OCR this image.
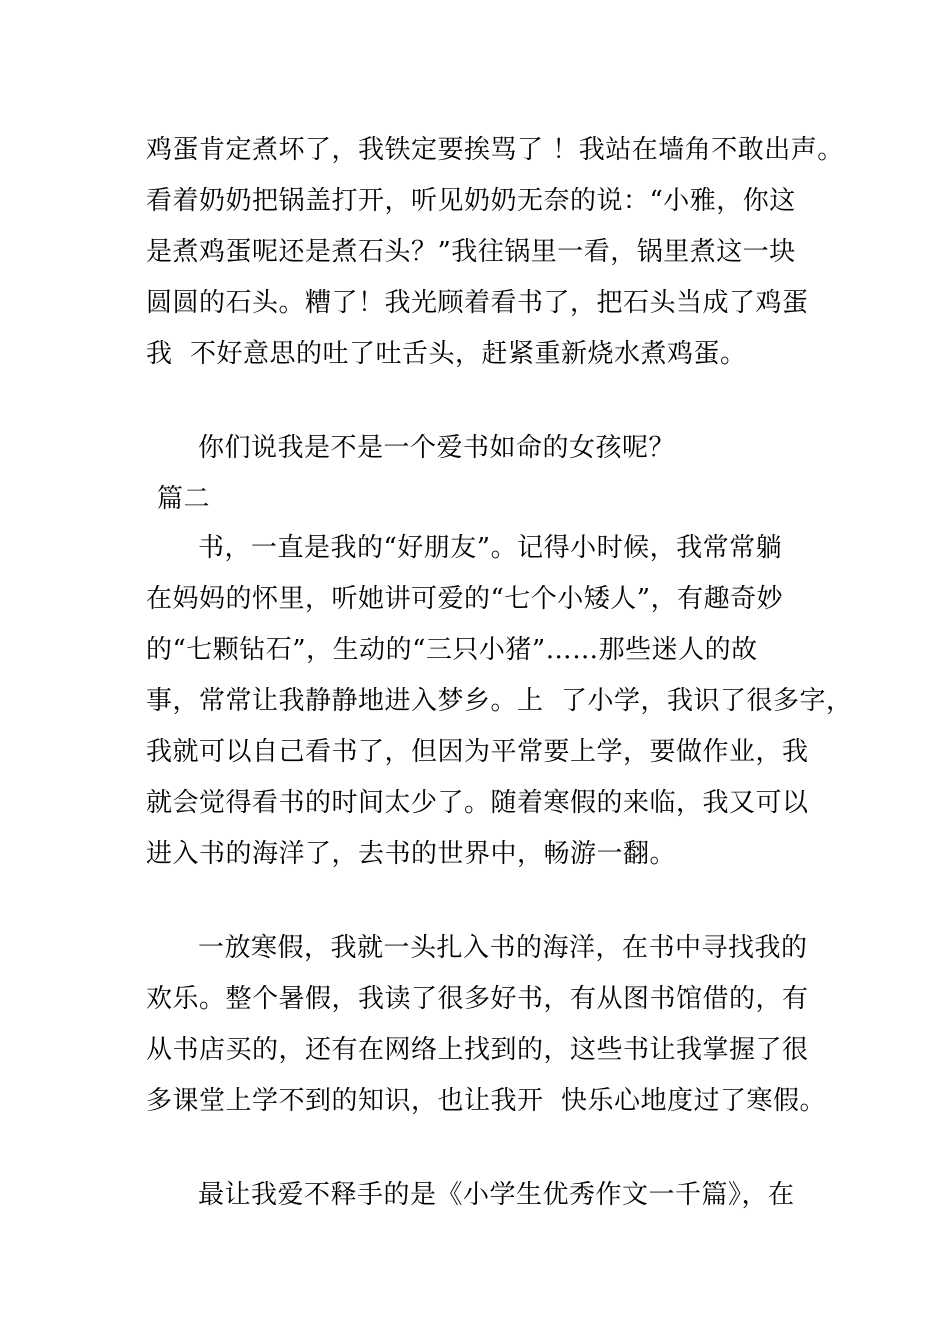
鸡蛋肯定煮坏了，我铁定要挨骂了 ！我站在墙角不敢出声。
看着奶奶把锅盖打开，听见奶奶无奈的说：“小雅，你这
是煮鸡蛋呢还是煮石头？”我往锅里一看，锅里煮这一块
圆圆的石头。糟了！我光顾着看书了，把石头当成了鸡蛋
我  不好意思的吐了吐舌头，赶紧重新烧水煮鸡蛋。
你们说我是不是一个爱书如命的女孩呢？
篇二
书，一直是我的“好朋友”。记得小时候，我常常躺
在妈妈的怀里，听她讲可爱的“七个小矮人”，有趣奇妙
的“七颗钻石”，生动的“三只小猪”……那些迷人的故
事，常常让我静静地进入梦乡。上  了小学，我识了很多字，
我就可以自己看书了，但因为平常要上学，要做作业，我
就会觉得看书的时间太少了。随着寒假的来临，我又可以
进入书的海洋了，去书的世界中，畅游一翻。
一放寒假，我就一头扎入书的海洋，在书中寻找我的
欢乐。整个暑假，我读了很多好书，有从图书馆借的，有
从书店买的，还有在网络上找到的，这些书让我掌握了很
多课堂上学不到的知识，也让我开  快乐心地度过了寒假。
最让我爱不释手的是《小学生优秀作文一千篇》，在
